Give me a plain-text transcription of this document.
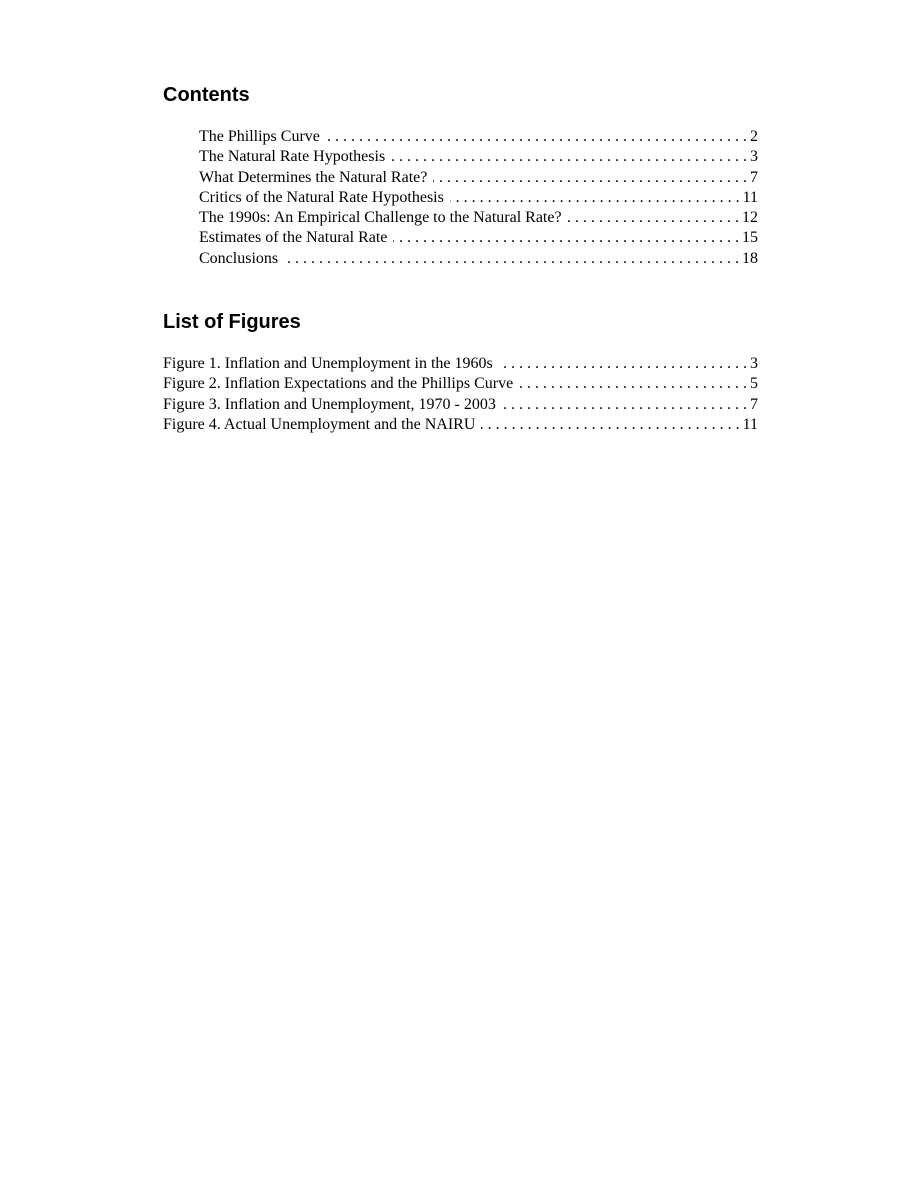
Contents
The Phillips Curve . . .	2
The Natural Rate Hypothesis . . .	3
What Determines the Natural Rate? . . .	7
Critics of the Natural Rate Hypothesis . . .	11
The 1990s: An Empirical Challenge to the Natural Rate? . . .	12
Estimates of the Natural Rate . . .	15
Conclusions . . .	18
List of Figures
Figure 1. Inflation and Unemployment in the 1960s . . .	3
Figure 2. Inflation Expectations and the Phillips Curve . . .	5
Figure 3. Inflation and Unemployment, 1970 - 2003 . . .	7
Figure 4. Actual Unemployment and the NAIRU . . .	11
